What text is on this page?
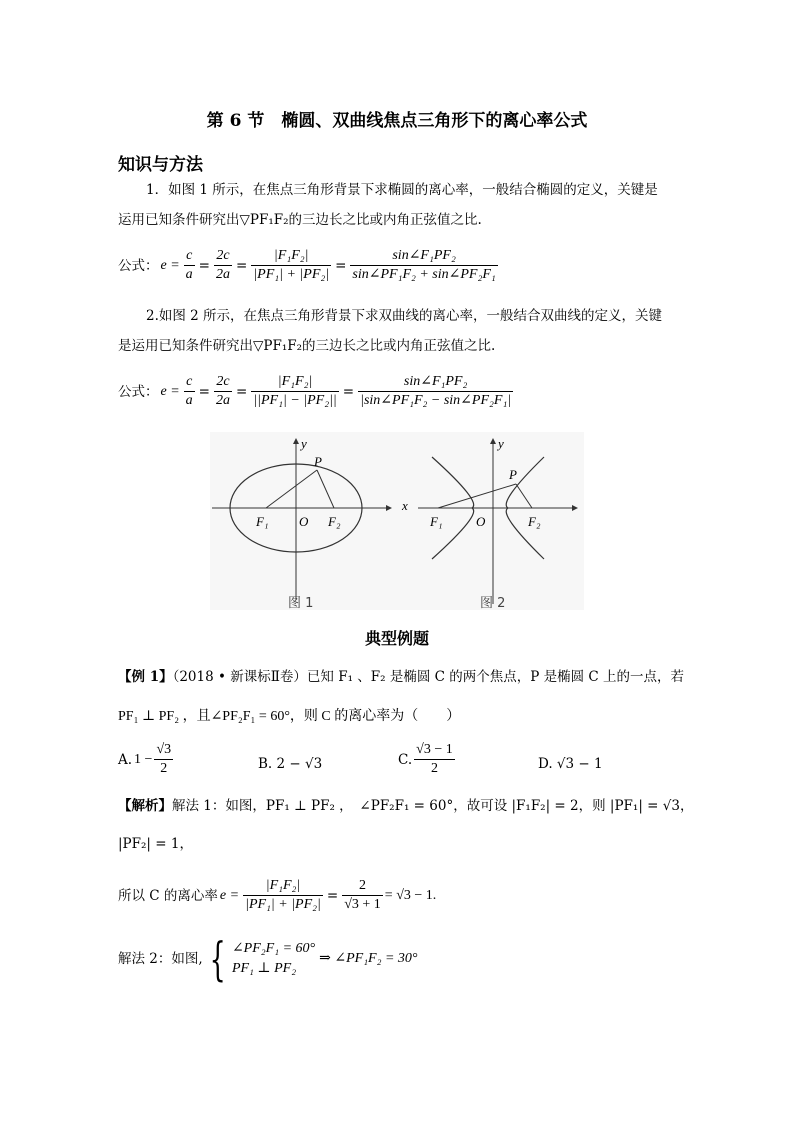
第 6 节　椭圆、双曲线焦点三角形下的离心率公式
知识与方法
1．如图 1 所示，在焦点三角形背景下求椭圆的离心率，一般结合椭圆的定义，关键是
运用已知条件研究出▽PF₁F₂的三边长之比或内角正弦值之比.
公式： $e = \frac{c}{a} = \frac{2c}{2a} = \frac{\text{|F₁F₂|}}{\text{|PF₁| + |PF₂|}} = \frac{\text{sin∠F₁PF₂}}{\text{sin∠PF₁F₂ + sin∠PF₂F₁}}$
2.如图 2 所示，在焦点三角形背景下求双曲线的离心率，一般结合双曲线的定义，关键
是运用已知条件研究出▽PF₁F₂的三边长之比或内角正弦值之比.
公式： $e = \frac{c}{a} = \frac{2c}{2a} = \frac{\text{|F₁F₂|}}{\text{||PF₁| − |PF₂||}} = \frac{\text{sin∠F₁PF₂}}{\text{|sin∠PF₁F₂ − sin∠PF₂F₁|}}$
x
y
P
O
F₁	F₂
P
y
O
F₁	F₂
图 1	图 2
典型例题
【例 1】（2018 • 新课标Ⅱ卷）已知 F₁ 、F₂ 是椭圆 C 的两个焦点，P 是椭圆 C 上的一点，若
PF₁ ⊥ PF₂ ，且∠PF₂F₁ = 60°，则 C 的离心率为（　　）
A. $1 - \frac{√3}{2}$	B. 2 − √3	C. $\frac{√3 - 1}{2}$	D. √3 − 1
【解析】解法 1：如图，PF₁ ⊥ PF₂ ，　∠PF₂F₁ = 60°，故可设 |F₁F₂| = 2，则 |PF₁| = √3，
|PF₂| = 1，
所以 C 的离心率 $e = \frac{\text{|F₁F₂|}}{\text{|PF₁| + |PF₂|}} = \frac{2}{√3 + 1} = √3 - 1$.
解法 2：如图, { ∠PF₂F₁ = 60°
PF₁ ⊥ PF₂
⇒ ∠PF₁F₂ = 30°
